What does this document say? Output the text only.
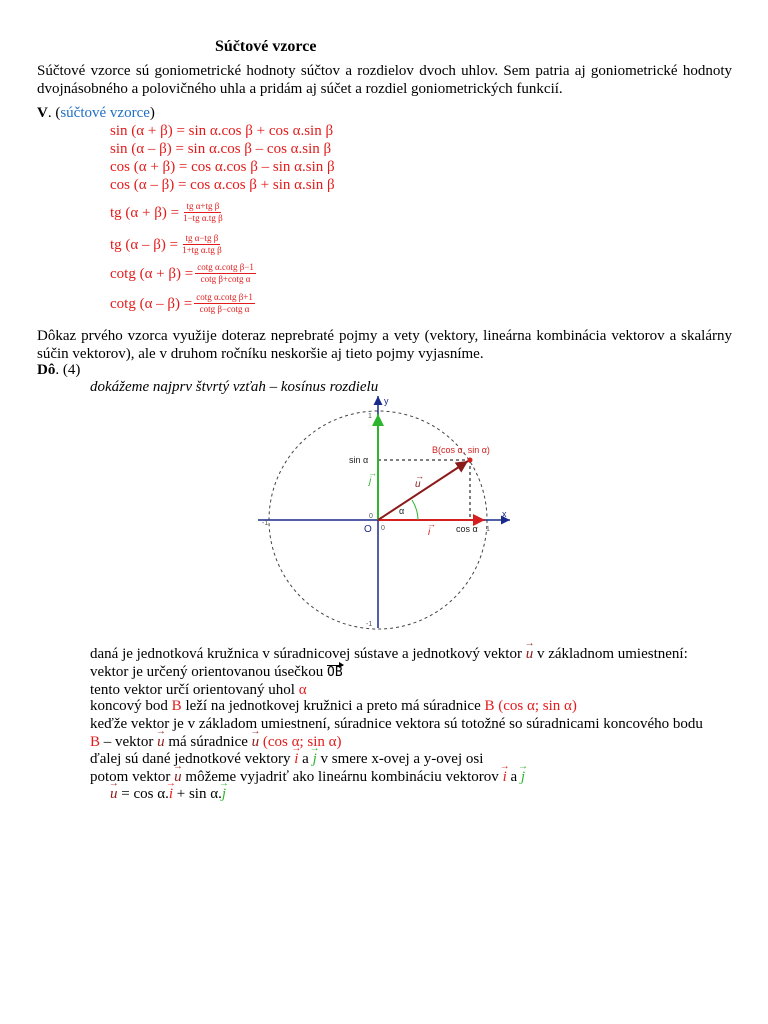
Súčtové vzorce
Súčtové vzorce sú goniometrické hodnoty súčtov a rozdielov dvoch uhlov. Sem patria aj goniometrické hodnoty dvojnásobného a polovičného uhla a pridám aj súčet a rozdiel goniometrických funkcií.
V. (súčtové vzorce)
sin (α + β) = sin α.cos β + cos α.sin β
sin (α – β) = sin α.cos β – cos α.sin β
cos (α + β) = cos α.cos β – sin α.sin β
cos (α – β) = cos α.cos β + sin α.sin β
tg $(\alpha + \beta) = \frac{\text{tg α+tg β}}{\text{1−tg α.tg β}}$
tg $(\alpha - \beta) = \frac{\text{tg α−tg β}}{\text{1+tg α.tg β}}$
cotg $(\alpha + \beta) = \frac{\text{cotg α.cotg β−1}}{\text{cotg β+cotg α}}$
cotg $(\alpha - \beta) = \frac{\text{cotg α.cotg β+1}}{\text{cotg β−cotg α}}$
Dôkaz prvého vzorca využije doteraz neprebraté pojmy a vety (vektory, lineárna kombinácia vektorov a skalárny súčin vektorov), ale v druhom ročníku neskoršie aj tieto pojmy vyjasníme.
Dô. (4)
dokážeme najprv štvrtý vzťah – kosínus rozdielu
y
x
1
1
-1
-1
0
0
O
sin α
cos α
B(cos α, sin α)
α
u
→
i
→
j
→
daná je jednotková kružnica v súradnicovej sústave a jednotkový vektor → u v základnom umiestnení:
vektor je určený orientovanou úsečkou OB
tento vektor určí orientovaný uhol α
koncový bod B leží na jednotkovej kružnici a preto má súradnice B (cos α; sin α)
keďže vektor je v základom umiestnení, súradnice vektora sú totožné so súradnicami koncového bodu
B – vektor → u má súradnice → u (cos α; sin α)
ďalej sú dané jednotkové vektory → i a → j v smere x-ovej a y-ovej osi
potom vektor → u môžeme vyjadriť ako lineárnu kombináciu vektorov → i a → j
→ u = cos α.→ i + sin α.→ j
